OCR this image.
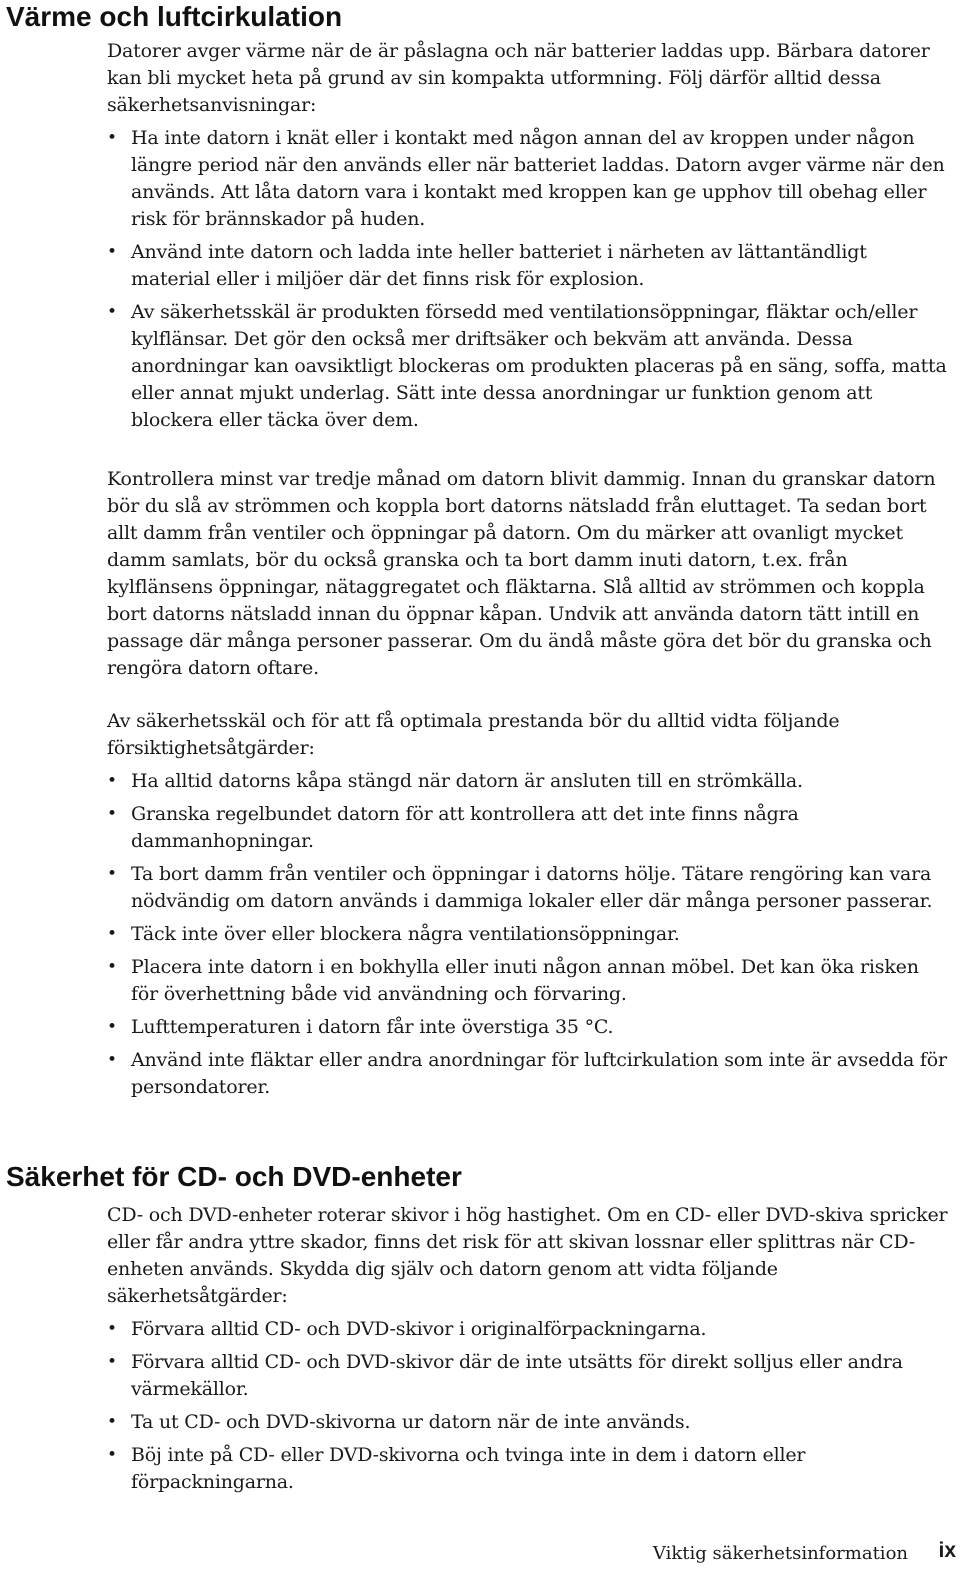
Värme och luftcirkulation

Datorer avger värme när de är påslagna och när batterier laddas upp. Bärbara datorer kan bli mycket heta på grund av sin kompakta utformning. Följ därför alltid dessa säkerhetsanvisningar:

• Ha inte datorn i knät eller i kontakt med någon annan del av kroppen under någon längre period när den används eller när batteriet laddas. Datorn avger värme när den används. Att låta datorn vara i kontakt med kroppen kan ge upphov till obehag eller risk för brännskador på huden.
• Använd inte datorn och ladda inte heller batteriet i närheten av lättantändligt material eller i miljöer där det finns risk för explosion.
• Av säkerhetsskäl är produkten försedd med ventilationsöppningar, fläktar och/eller kylflänsar. Det gör den också mer driftsäker och bekväm att använda. Dessa anordningar kan oavsiktligt blockeras om produkten placeras på en säng, soffa, matta eller annat mjukt underlag. Sätt inte dessa anordningar ur funktion genom att blockera eller täcka över dem.

Kontrollera minst var tredje månad om datorn blivit dammig. Innan du granskar datorn bör du slå av strömmen och koppla bort datorns nätsladd från eluttaget. Ta sedan bort allt damm från ventiler och öppningar på datorn. Om du märker att ovanligt mycket damm samlats, bör du också granska och ta bort damm inuti datorn, t.ex. från kylflänsens öppningar, nätaggregatet och fläktarna. Slå alltid av strömmen och koppla bort datorns nätsladd innan du öppnar kåpan. Undvik att använda datorn tätt intill en passage där många personer passerar. Om du ändå måste göra det bör du granska och rengöra datorn oftare.

Av säkerhetsskäl och för att få optimala prestanda bör du alltid vidta följande försiktighetsåtgärder:

• Ha alltid datorns kåpa stängd när datorn är ansluten till en strömkälla.
• Granska regelbundet datorn för att kontrollera att det inte finns några dammanhopningar.
• Ta bort damm från ventiler och öppningar i datorns hölje. Tätare rengöring kan vara nödvändig om datorn används i dammiga lokaler eller där många personer passerar.
• Täck inte över eller blockera några ventilationsöppningar.
• Placera inte datorn i en bokhylla eller inuti någon annan möbel. Det kan öka risken för överhettning både vid användning och förvaring.
• Lufttemperaturen i datorn får inte överstiga 35 °C.
• Använd inte fläktar eller andra anordningar för luftcirkulation som inte är avsedda för persondatorer.
Säkerhet för CD- och DVD-enheter

CD- och DVD-enheter roterar skivor i hög hastighet. Om en CD- eller DVD-skiva spricker eller får andra yttre skador, finns det risk för att skivan lossnar eller splittras när CD-enheten används. Skydda dig själv och datorn genom att vidta följande säkerhetsåtgärder:

• Förvara alltid CD- och DVD-skivor i originalförpackningarna.
• Förvara alltid CD- och DVD-skivor där de inte utsätts för direkt solljus eller andra värmekällor.
• Ta ut CD- och DVD-skivorna ur datorn när de inte används.
• Böj inte på CD- eller DVD-skivorna och tvinga inte in dem i datorn eller förpackningarna.
Viktig säkerhetsinformation ix
